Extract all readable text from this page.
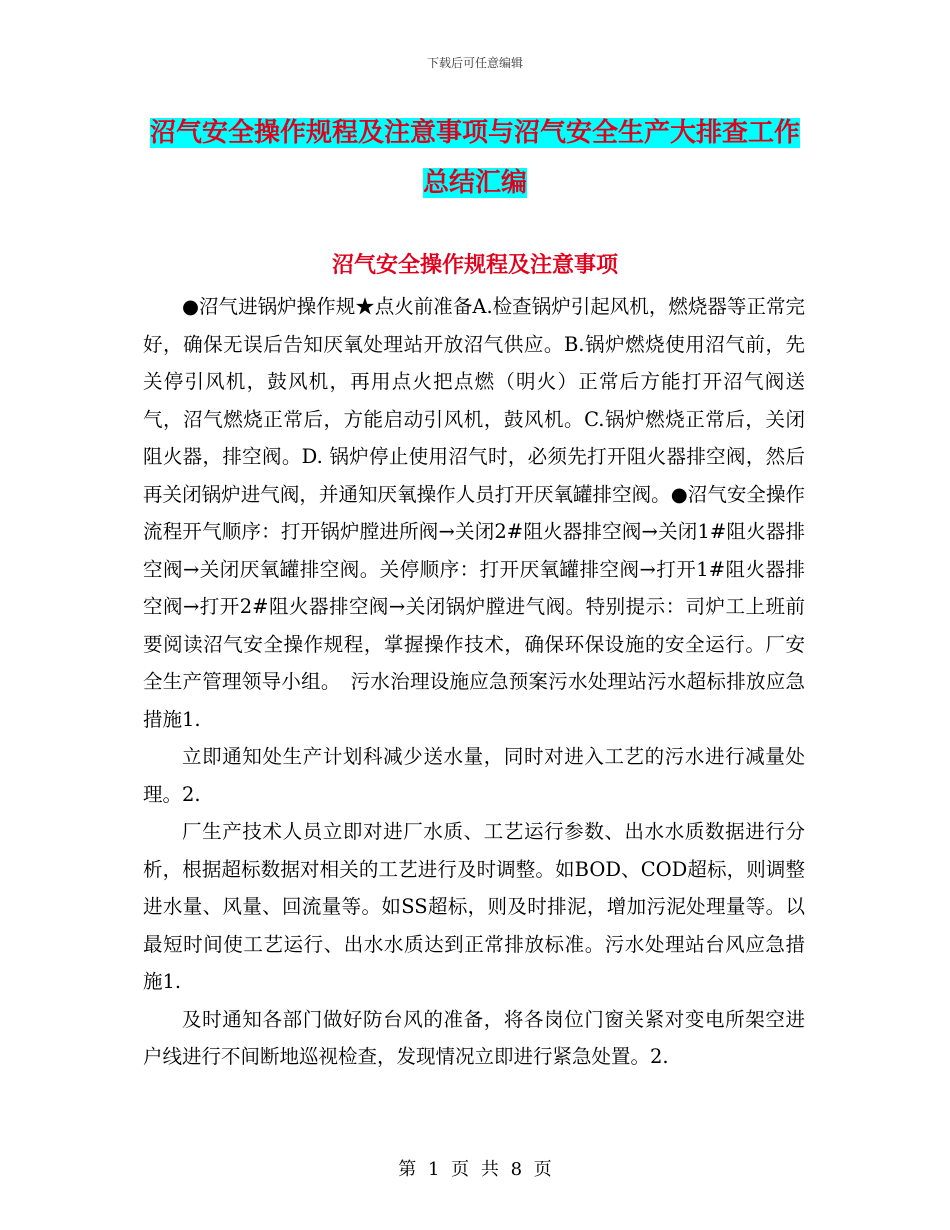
下载后可任意编辑
沼气安全操作规程及注意事项与沼气安全生产大排查工作总结汇编
沼气安全操作规程及注意事项

●沼气进锅炉操作规★点火前准备A.检查锅炉引起风机，燃烧器等正常完好，确保无误后告知厌氧处理站开放沼气供应。B.锅炉燃烧使用沼气前，先关停引风机，鼓风机，再用点火把点燃（明火）正常后方能打开沼气阀送气，沼气燃烧正常后，方能启动引风机，鼓风机。C.锅炉燃烧正常后，关闭阻火器，排空阀。D. 锅炉停止使用沼气时，必须先打开阻火器排空阀，然后再关闭锅炉进气阀，并通知厌氧操作人员打开厌氧罐排空阀。●沼气安全操作流程开气顺序：打开锅炉膛进所阀→关闭2#阻火器排空阀→关闭1#阻火器排空阀→关闭厌氧罐排空阀。关停顺序：打开厌氧罐排空阀→打开1#阻火器排空阀→打开2#阻火器排空阀→关闭锅炉膛进气阀。特别提示：司炉工上班前要阅读沼气安全操作规程，掌握操作技术，确保环保设施的安全运行。厂安全生产管理领导小组。　污水治理设施应急预案污水处理站污水超标排放应急措施1.

立即通知处生产计划科减少送水量，同时对进入工艺的污水进行减量处理。2.

厂生产技术人员立即对进厂水质、工艺运行参数、出水水质数据进行分析，根据超标数据对相关的工艺进行及时调整。如BOD、COD超标，则调整进水量、风量、回流量等。如SS超标，则及时排泥，增加污泥处理量等。以最短时间使工艺运行、出水水质达到正常排放标准。污水处理站台风应急措施1.

及时通知各部门做好防台风的准备，将各岗位门窗关紧对变电所架空进户线进行不间断地巡视检查，发现情况立即进行紧急处置。2.

第 1 页 共 8 页
